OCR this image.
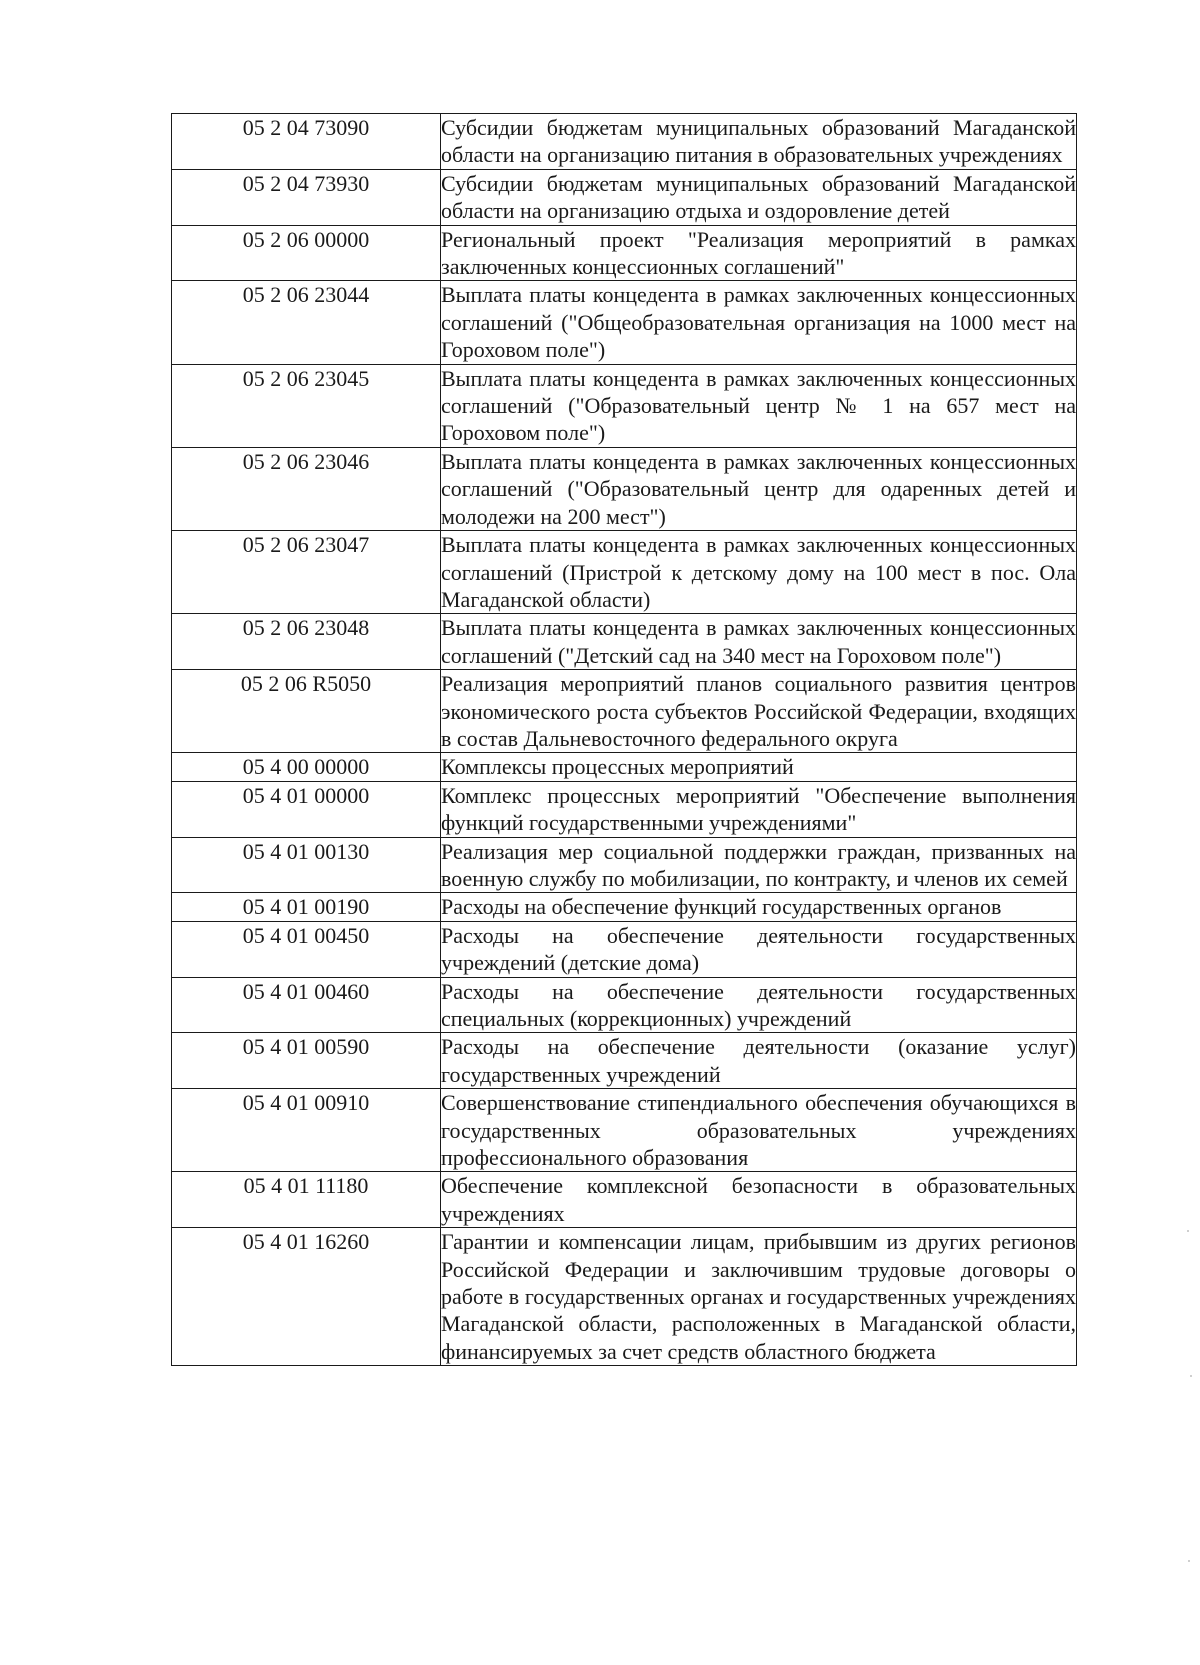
05 2 04 73090	Субсидии бюджетам муниципальных образований Магаданской области на организацию питания в образовательных учреждениях
05 2 04 73930	Субсидии бюджетам муниципальных образований Магаданской области на организацию отдыха и оздоровление детей
05 2 06 00000	Региональный проект "Реализация мероприятий в рамках заключенных концессионных соглашений"
05 2 06 23044	Выплата платы концедента в рамках заключенных концессионных соглашений ("Общеобразовательная организация на 1000 мест на Гороховом поле")
05 2 06 23045	Выплата платы концедента в рамках заключенных концессионных соглашений ("Образовательный центр № 1 на 657 мест на Гороховом поле")
05 2 06 23046	Выплата платы концедента в рамках заключенных концессионных соглашений ("Образовательный центр для одаренных детей и молодежи на 200 мест")
05 2 06 23047	Выплата платы концедента в рамках заключенных концессионных соглашений (Пристрой к детскому дому на 100 мест в пос. Ола Магаданской области)
05 2 06 23048	Выплата платы концедента в рамках заключенных концессионных соглашений ("Детский сад на 340 мест на Гороховом поле")
05 2 06 R5050	Реализация мероприятий планов социального развития центров экономического роста субъектов Российской Федерации, входящих в состав Дальневосточного федерального округа
05 4 00 00000	Комплексы процессных мероприятий
05 4 01 00000	Комплекс процессных мероприятий "Обеспечение выполнения функций государственными учреждениями"
05 4 01 00130	Реализация мер социальной поддержки граждан, призванных на военную службу по мобилизации, по контракту, и членов их семей
05 4 01 00190	Расходы на обеспечение функций государственных органов
05 4 01 00450	Расходы на обеспечение деятельности государственных учреждений (детские дома)
05 4 01 00460	Расходы на обеспечение деятельности государственных специальных (коррекционных) учреждений
05 4 01 00590	Расходы на обеспечение деятельности (оказание услуг) государственных учреждений
05 4 01 00910	Совершенствование стипендиального обеспечения обучающихся в государственных образовательных учреждениях профессионального образования
05 4 01 11180	Обеспечение комплексной безопасности в образовательных учреждениях
05 4 01 16260	Гарантии и компенсации лицам, прибывшим из других регионов Российской Федерации и заключившим трудовые договоры о работе в государственных органах и государственных учреждениях Магаданской области, расположенных в Магаданской области, финансируемых за счет средств областного бюджета
